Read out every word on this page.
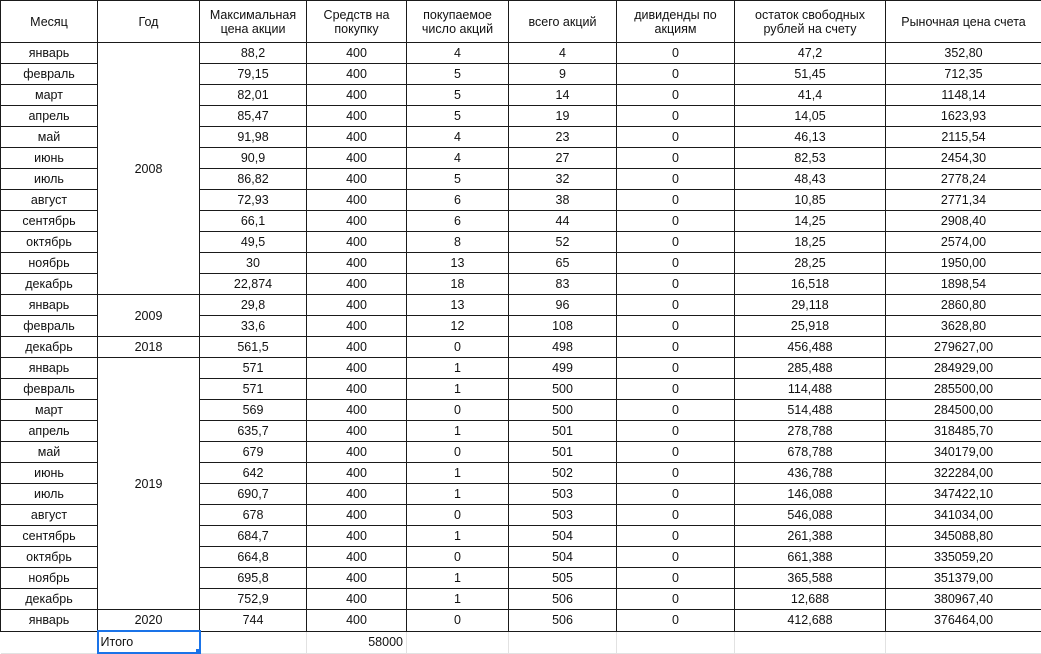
Месяц	Год	Максимальная цена акции	Средств на покупку	покупаемое число акций	всего акций	дивиденды по акциям	остаток свободных рублей на счету	Рыночная цена счета
январь	2008	88,2	400	4	4	0	47,2	352,80
февраль		79,15	400	5	9	0	51,45	712,35
март		82,01	400	5	14	0	41,4	1148,14
апрель		85,47	400	5	19	0	14,05	1623,93
май		91,98	400	4	23	0	46,13	2115,54
июнь		90,9	400	4	27	0	82,53	2454,30
июль		86,82	400	5	32	0	48,43	2778,24
август		72,93	400	6	38	0	10,85	2771,34
сентябрь		66,1	400	6	44	0	14,25	2908,40
октябрь		49,5	400	8	52	0	18,25	2574,00
ноябрь		30	400	13	65	0	28,25	1950,00
декабрь		22,874	400	18	83	0	16,518	1898,54
январь	2009	29,8	400	13	96	0	29,118	2860,80
февраль		33,6	400	12	108	0	25,918	3628,80
декабрь	2018	561,5	400	0	498	0	456,488	279627,00
январь	2019	571	400	1	499	0	285,488	284929,00
февраль		571	400	1	500	0	114,488	285500,00
март		569	400	0	500	0	514,488	284500,00
апрель		635,7	400	1	501	0	278,788	318485,70
май		679	400	0	501	0	678,788	340179,00
июнь		642	400	1	502	0	436,788	322284,00
июль		690,7	400	1	503	0	146,088	347422,10
август		678	400	0	503	0	546,088	341034,00
сентябрь		684,7	400	1	504	0	261,388	345088,80
октябрь		664,8	400	0	504	0	661,388	335059,20
ноябрь		695,8	400	1	505	0	365,588	351379,00
декабрь		752,9	400	1	506	0	12,688	380967,40
январь	2020	744	400	0	506	0	412,688	376464,00
	Итого		58000					
